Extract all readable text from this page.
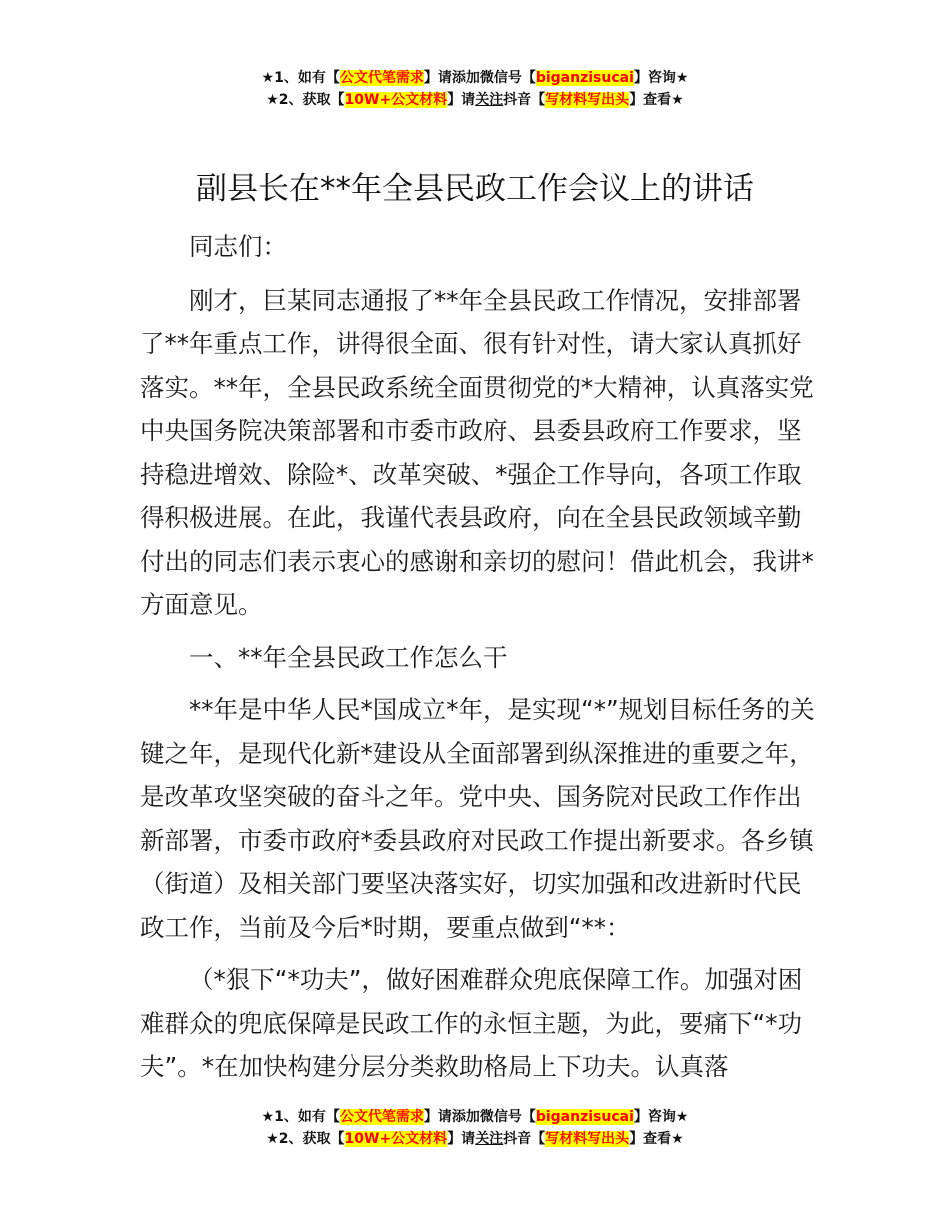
★1、如有【公文代笔需求】请添加微信号【biganzisucai】咨询★
★2、获取【10W+公文材料】请关注抖音【写材料写出头】查看★
副县长在**年全县民政工作会议上的讲话

同志们：

刚才，巨某同志通报了**年全县民政工作情况，安排部署了**年重点工作，讲得很全面、很有针对性，请大家认真抓好落实。**年，全县民政系统全面贯彻党的*大精神，认真落实党中央国务院决策部署和市委市政府、县委县政府工作要求，坚持稳进增效、除险*、改革突破、*强企工作导向，各项工作取得积极进展。在此，我谨代表县政府，向在全县民政领域辛勤付出的同志们表示衷心的感谢和亲切的慰问！借此机会，我讲*方面意见。

一、**年全县民政工作怎么干

**年是中华人民*国成立*年，是实现“*”规划目标任务的关键之年，是现代化新*建设从全面部署到纵深推进的重要之年，是改革攻坚突破的奋斗之年。党中央、国务院对民政工作作出新部署，市委市政府*委县政府对民政工作提出新要求。各乡镇（街道）及相关部门要坚决落实好，切实加强和改进新时代民政工作，当前及今后*时期，要重点做到“**：

（*狠下“*功夫”，做好困难群众兜底保障工作。加强对困难群众的兜底保障是民政工作的永恒主题，为此，要痛下“*功夫”。*在加快构建分层分类救助格局上下功夫。认真落

★1、如有【公文代笔需求】请添加微信号【biganzisucai】咨询★
★2、获取【10W+公文材料】请关注抖音【写材料写出头】查看★
